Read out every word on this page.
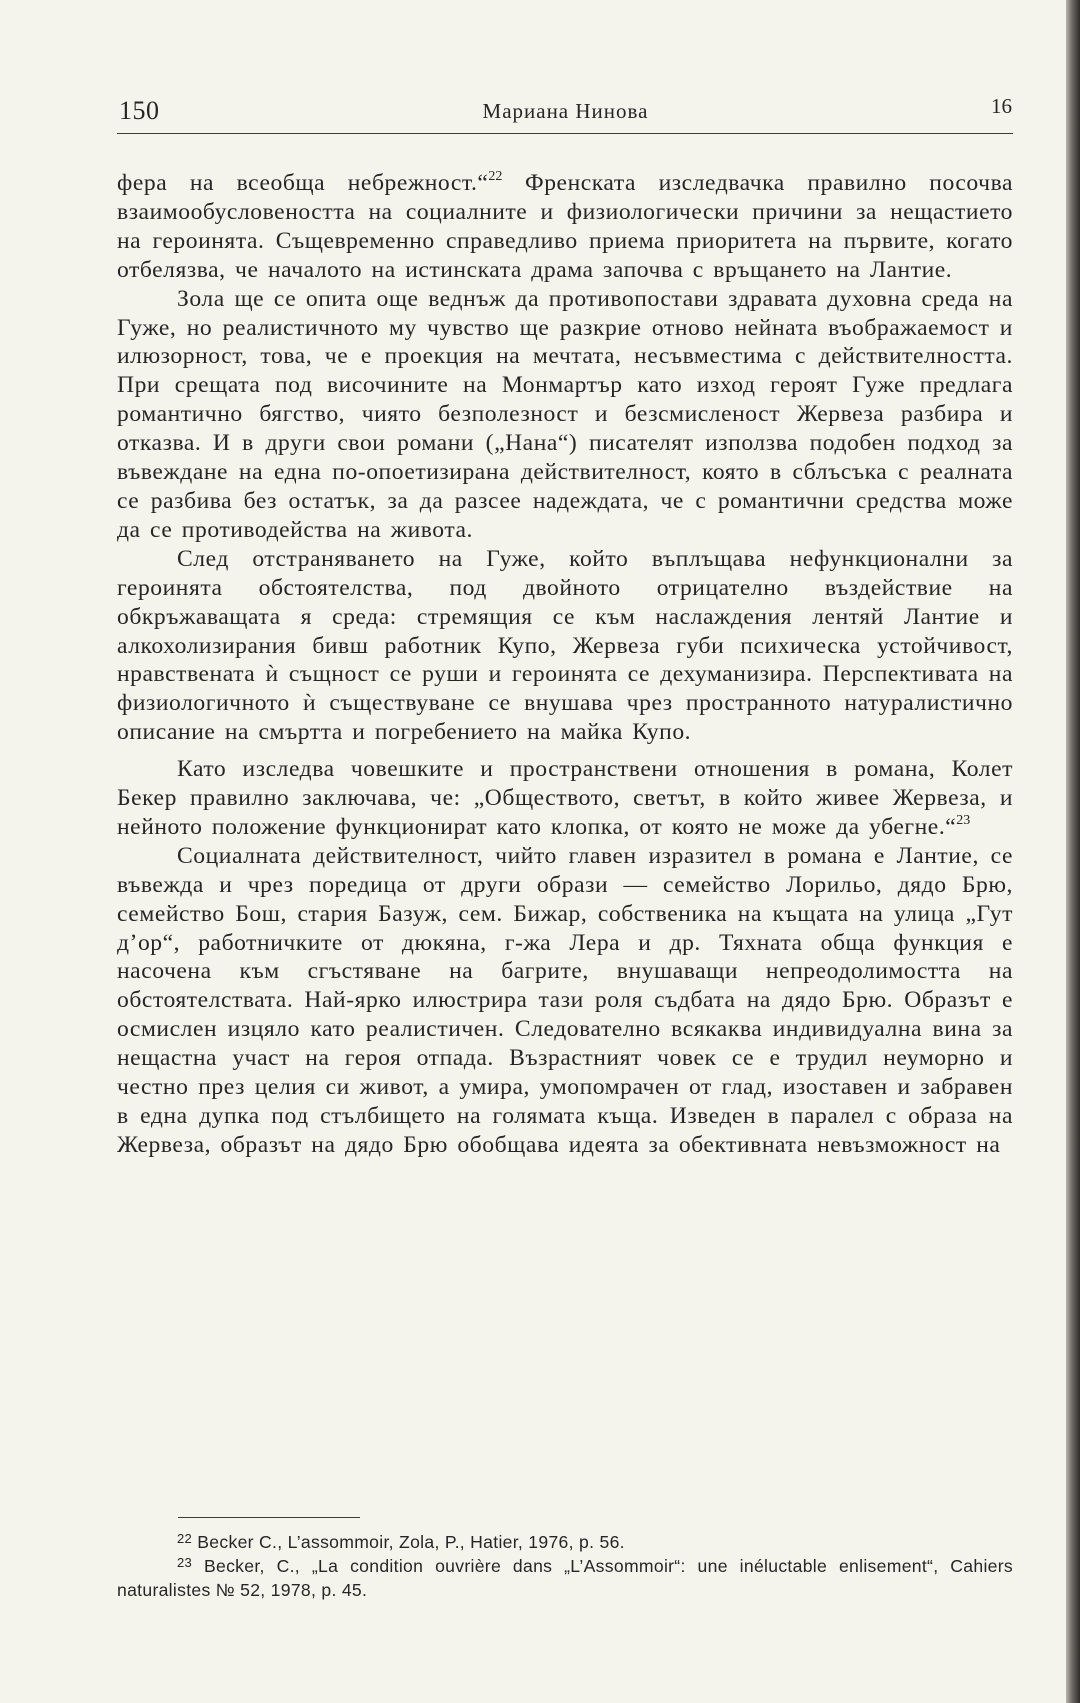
150	Мариана Нинова	16

фера на всеобща небрежност.“$^{22}$ Френската изследвачка правилно посочва взаимообусловеността на социалните и физиологически причини за нещастието на героинята. Същевременно справедливо приема приоритета на първите, когато отбелязва, че началото на истинската драма започва с връщането на Лантие.

Зола ще се опита още веднъж да противопостави здравата духовна среда на Гуже, но реалистичното му чувство ще разкрие отново нейната въображаемост и илюзорност, това, че е проекция на мечтата, несъвместима с действителността. При срещата под височините на Монмартър като изход героят Гуже предлага романтично бягство, чиято безполезност и безсмисленост Жервеза разбира и отказва. И в други свои романи („Нана“) писателят използва подобен подход за въвеждане на една по-опоетизирана действителност, която в сблъсъка с реалната се разбива без остатък, за да разсее надеждата, че с романтични средства може да се противодейства на живота.

След отстраняването на Гуже, който въплъщава нефункционални за героинята обстоятелства, под двойното отрицателно въздействие на обкръжаващата я среда: стремящия се към наслаждения лентяй Лантие и алкохолизирания бивш работник Купо, Жервеза губи психическа устойчивост, нравствената ѝ същност се руши и героинята се дехуманизира. Перспективата на физиологичното ѝ съществуване се внушава чрез пространното натуралистично описание на смъртта и погребението на майка Купо.

Като изследва човешките и пространствени отношения в романа, Колет Бекер правилно заключава, че: „Обществото, светът, в който живее Жервеза, и нейното положение функционират като клопка, от която не може да убегне.“$^{23}$

Социалната действителност, чийто главен изразител в романа е Лантие, се въвежда и чрез поредица от други образи — семейство Лорильо, дядо Брю, семейство Бош, стария Базуж, сем. Бижар, собственика на къщата на улица „Гут д’ор“, работничките от дюкяна, г-жа Лера и др. Тяхната обща функция е насочена към сгъстяване на багрите, внушаващи непреодолимостта на обстоятелствата. Най-ярко илюстрира тази роля съдбата на дядо Брю. Образът е осмислен изцяло като реалистичен. Следователно всякаква индивидуална вина за нещастна участ на героя отпада. Възрастният човек се е трудил неуморно и честно през целия си живот, а умира, умопомрачен от глад, изоставен и забравен в една дупка под стълбището на голямата къща. Изведен в паралел с образа на Жервеза, образът на дядо Брю обобщава идеята за обективната невъзможност на

$^{22}$ Becker C., L’assommoir, Zola, P., Hatier, 1976, p. 56.

$^{23}$ Becker, C., „La condition ouvrière dans „L’Assommoir“: une inéluctable enlisement“, Cahiers naturalistes № 52, 1978, p. 45.
